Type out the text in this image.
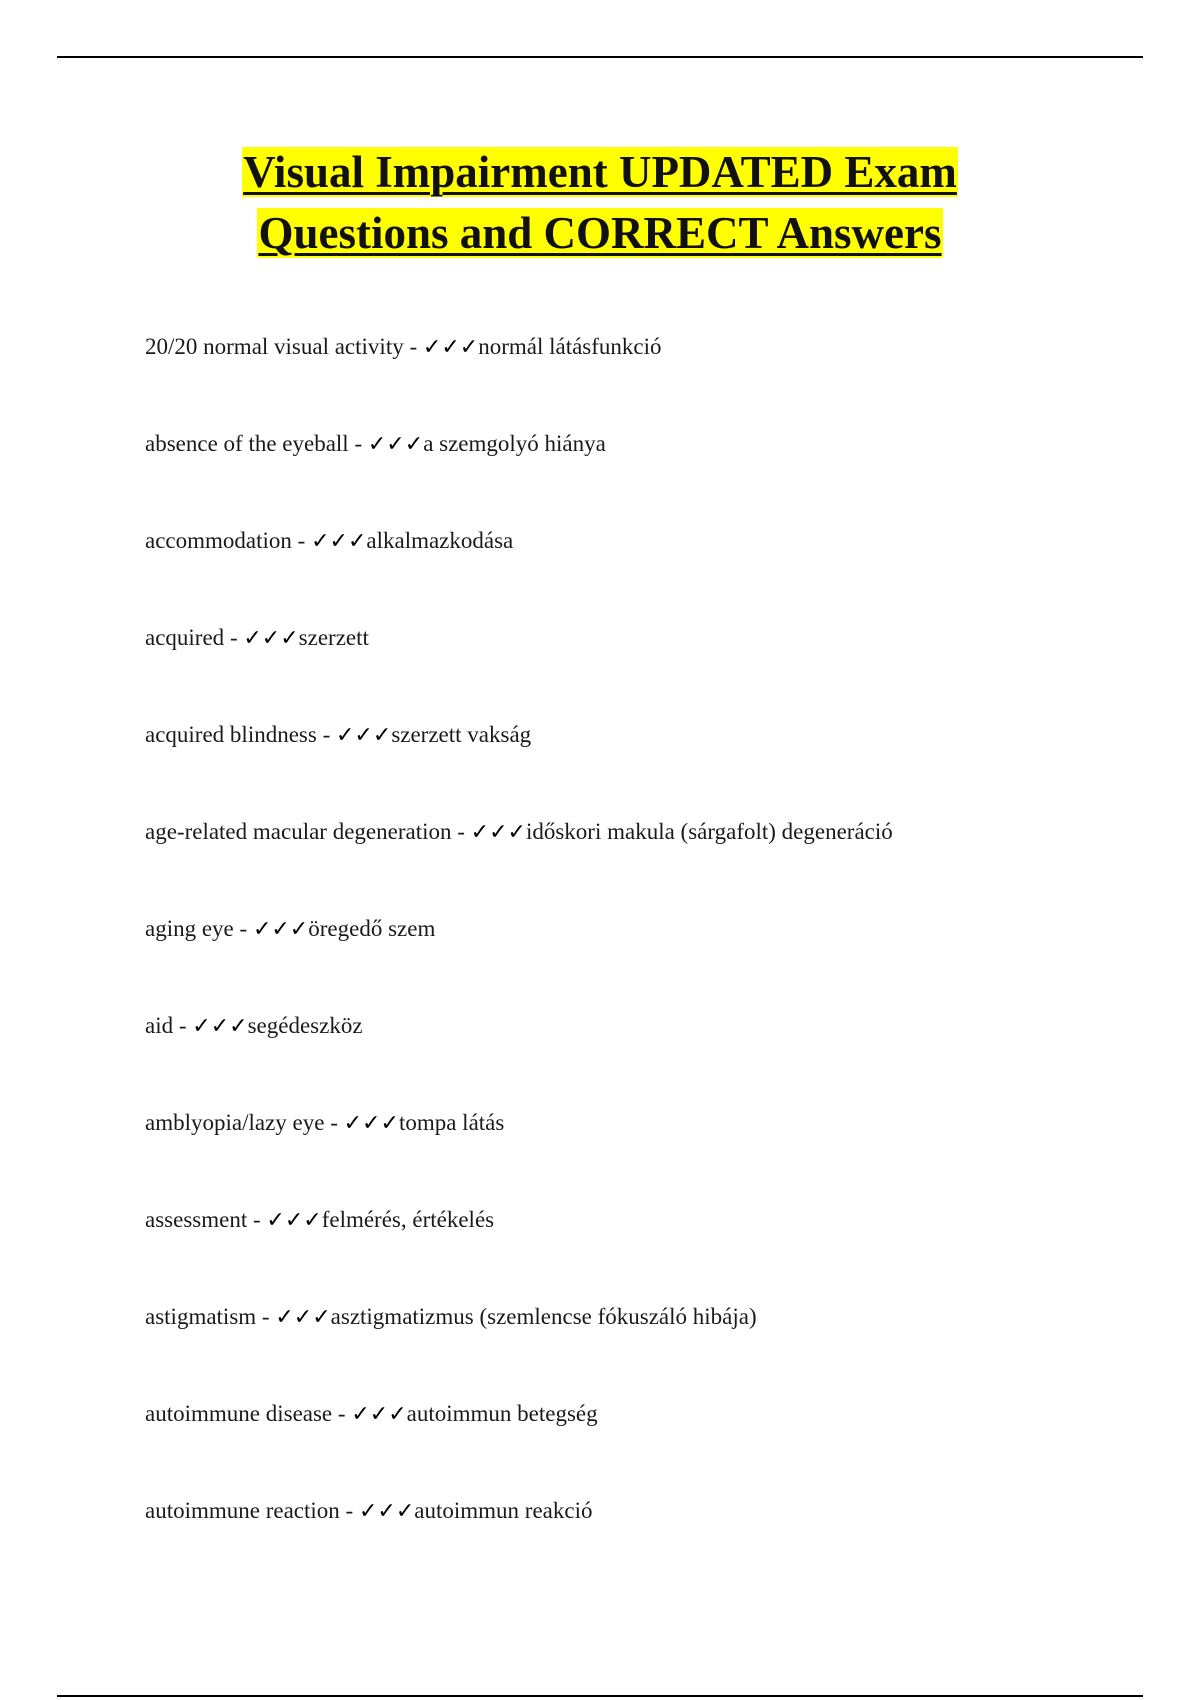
Visual Impairment UPDATED Exam

Questions and CORRECT Answers

20/20 normal visual activity - ✓✓✓normál látásfunkció
absence of the eyeball - ✓✓✓a szemgolyó hiánya
accommodation - ✓✓✓alkalmazkodása
acquired - ✓✓✓szerzett
acquired blindness - ✓✓✓szerzett vakság
age-related macular degeneration - ✓✓✓időskori makula (sárgafolt) degeneráció
aging eye - ✓✓✓öregedő szem
aid - ✓✓✓segédeszköz
amblyopia/lazy eye - ✓✓✓tompa látás
assessment - ✓✓✓felmérés, értékelés
astigmatism - ✓✓✓asztigmatizmus (szemlencse fókuszáló hibája)
autoimmune disease - ✓✓✓autoimmun betegség
autoimmune reaction - ✓✓✓autoimmun reakció
